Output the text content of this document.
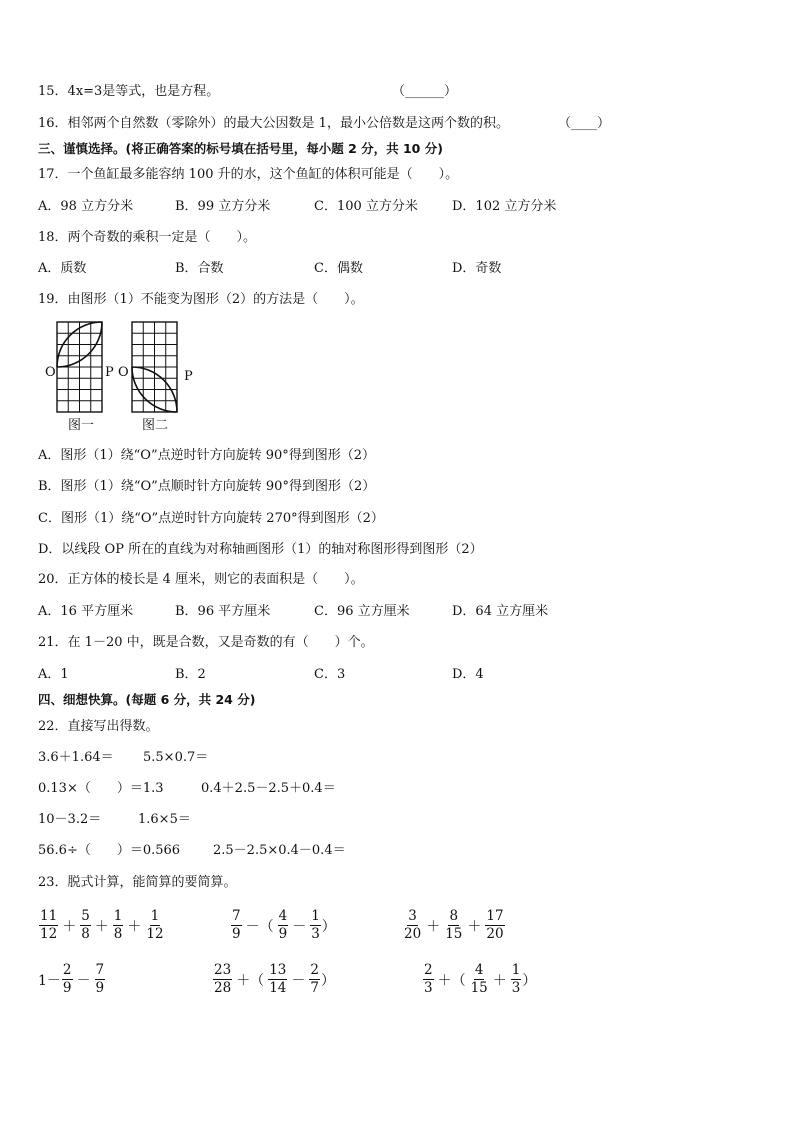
15．4x=3是等式，也是方程。	（______）
16．相邻两个自然数（零除外）的最大公因数是 1，最小公倍数是这两个数的积。	（____）
三、谨慎选择。(将正确答案的标号填在括号里，每小题 2 分，共 10 分)
17．一个鱼缸最多能容纳 100 升的水，这个鱼缸的体积可能是（　　）。
A．98 立方分米	B．99 立方分米	C．100 立方分米	D．102 立方分米
18．两个奇数的乘积一定是（　　）。
A．质数	B．合数	C．偶数	D．奇数
19．由图形（1）不能变为图形（2）的方法是（　　）。
O	P O	P
图一	图二
A．图形（1）绕“O”点逆时针方向旋转 90°得到图形（2）
B．图形（1）绕“O”点顺时针方向旋转 90°得到图形（2）
C．图形（1）绕“O”点逆时针方向旋转 270°得到图形（2）
D．以线段 OP 所在的直线为对称轴画图形（1）的轴对称图形得到图形（2）
20．正方体的棱长是 4 厘米，则它的表面积是（　　）。
A．16 平方厘米	B．96 平方厘米	C．96 立方厘米	D．64 立方厘米
21．在 1－20 中，既是合数，又是奇数的有（　　）个。
A．1	B．2	C．3	D．4
四、细想快算。(每题 6 分，共 24 分)
22．直接写出得数。
3.6＋1.64＝ 5.5×0.7＝
0.13×（　　）＝1.3	0.4＋2.5－2.5＋0.4＝
10－3.2＝	1.6×5＝
56.6÷（　　）＝0.566	2.5－2.5×0.4－0.4＝
23．脱式计算，能简算的要简算。
$\frac{11}{12} + \frac{5}{8} + \frac{1}{8} + \frac{1}{12}$	$\frac{7}{9}$ －（ $\frac{4}{9} - \frac{1}{3}$ ）	$\frac{3}{20} + \frac{8}{15} + \frac{17}{20}$
$1- \frac{2}{9} - \frac{7}{9}$	$\frac{23}{28}$ ＋（ $\frac{13}{14} - \frac{2}{7}$ ）	$\frac{2}{3}$ ＋（ $\frac{4}{15} + \frac{1}{3}$ ）
